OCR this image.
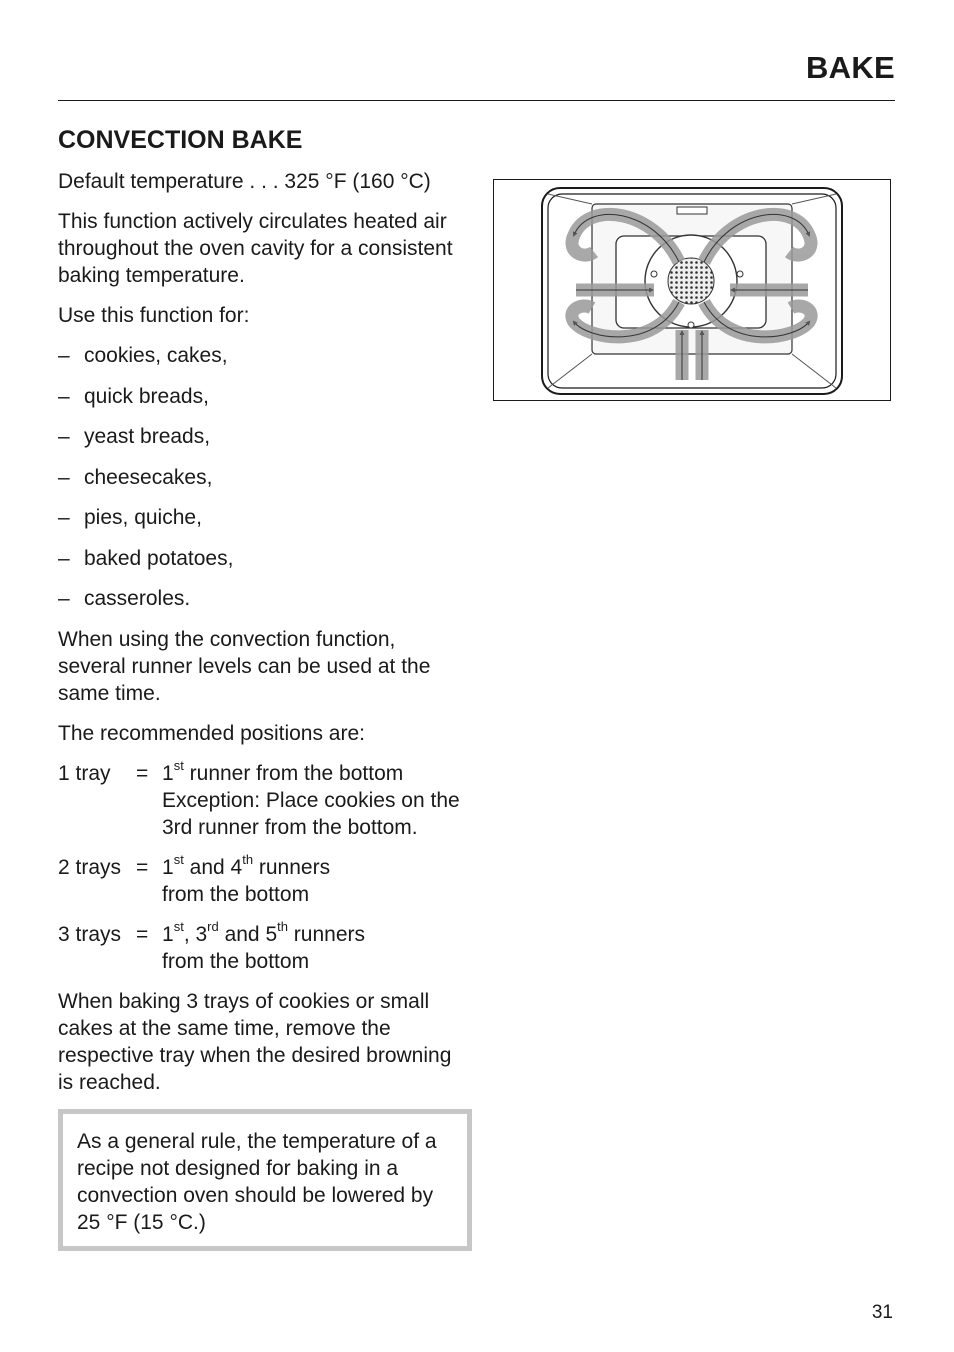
BAKE
CONVECTION BAKE

Default temperature . . . 325 °F (160 °C)

This function actively circulates heated air throughout the oven cavity for a consistent baking temperature.

Use this function for:

– cookies, cakes,
– quick breads,
– yeast breads,
– cheesecakes,
– pies, quiche,
– baked potatoes,
– casseroles.

When using the convection function, several runner levels can be used at the same time.

The recommended positions are:

1 tray	= 1st runner from the bottom
Exception: Place cookies on the 3rd runner from the bottom.
2 trays = 1st and 4th runners
from the bottom
3 trays = 1st, 3rd and 5th runners
from the bottom

When baking 3 trays of cookies or small cakes at the same time, remove the respective tray when the desired browning is reached.

As a general rule, the temperature of a recipe not designed for baking in a convection oven should be lowered by 25 °F (15 °C.)

31
